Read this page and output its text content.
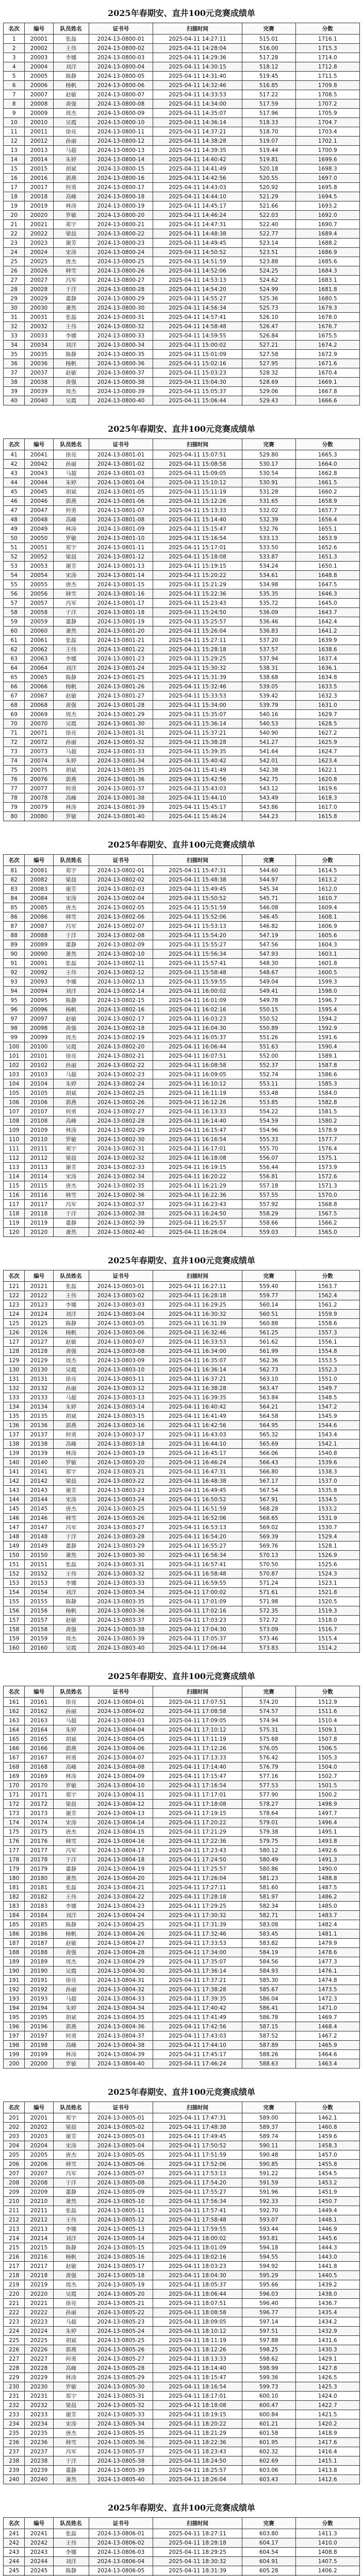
2025年春期安、直井100元竞赛成绩单
名次	编号	队员姓名	证书号	扫描时间	完赛	分数
1	20001	张磊	2024-13-0800-01	2025-04-11 14:27:11	515.01	1716.1
2	20002	王伟	2024-13-0800-02	2025-04-11 14:28:04	516.00	1715.3
3	20003	李娜	2024-13-0800-03	2025-04-11 14:29:36	517.28	1714.0
4	20004	刘洋	2024-13-0800-04	2025-04-11 14:30:15	518.12	1712.8
5	20005	陈静	2024-13-0800-05	2025-04-11 14:31:40	519.45	1711.5
6	20006	杨帆	2024-13-0800-06	2025-04-11 14:32:46	516.85	1709.8
7	20007	赵敏	2024-13-0800-07	2025-04-11 14:33:53	517.22	1708.5
8	20008	黄强	2024-13-0800-08	2025-04-11 14:34:00	517.59	1707.2
9	20009	周杰	2024-13-0800-09	2025-04-11 14:35:07	517.96	1705.9
10	20010	吴霞	2024-13-0800-10	2025-04-11 14:36:14	518.33	1704.7
11	20011	徐亮	2024-13-0800-11	2025-04-11 14:37:21	518.70	1703.4
12	20012	孙丽	2024-13-0800-12	2025-04-11 14:38:28	519.07	1702.1
13	20013	马超	2024-13-0800-13	2025-04-11 14:39:35	519.44	1700.9
14	20014	朱婷	2024-13-0800-14	2025-04-11 14:40:42	519.81	1699.6
15	20015	胡斌	2024-13-0800-15	2025-04-11 14:41:49	520.18	1698.3
16	20016	郭燕	2024-13-0800-16	2025-04-11 14:42:56	520.55	1697.0
17	20017	何勇	2024-13-0800-17	2025-04-11 14:43:03	520.92	1695.8
18	20018	高峰	2024-13-0800-18	2025-04-11 14:44:10	521.29	1694.5
19	20019	林涛	2024-13-0800-19	2025-04-11 14:45:17	521.66	1693.2
20	20020	罗敏	2024-13-0800-20	2025-04-11 14:46:24	522.03	1692.0
21	20021	郑宇	2024-13-0800-21	2025-04-11 14:47:31	522.40	1690.7
22	20022	梁晨	2024-13-0800-22	2025-04-11 14:48:38	522.77	1689.4
23	20023	谢芳	2024-13-0800-23	2025-04-11 14:49:45	523.14	1688.2
24	20024	宋涛	2024-13-0800-24	2025-04-11 14:50:52	523.51	1686.9
25	20025	唐杰	2024-13-0800-25	2025-04-11 14:51:59	523.88	1685.6
26	20026	韩雪	2024-13-0800-26	2025-04-11 14:52:06	524.25	1684.3
27	20027	冯军	2024-13-0800-27	2025-04-11 14:53:13	524.62	1683.1
28	20028	于洋	2024-13-0800-28	2025-04-11 14:54:20	524.99	1681.8
29	20029	董静	2024-13-0800-29	2025-04-11 14:55:27	525.36	1680.5
30	20030	萧然	2024-13-0800-30	2025-04-11 14:56:34	525.73	1679.3
31	20031	张磊	2024-13-0800-31	2025-04-11 14:57:41	526.10	1678.0
32	20032	王伟	2024-13-0800-32	2025-04-11 14:58:48	526.47	1676.7
33	20033	李娜	2024-13-0800-33	2025-04-11 14:59:55	526.84	1675.5
34	20034	刘洋	2024-13-0800-34	2025-04-11 15:00:02	527.21	1674.2
35	20035	陈静	2024-13-0800-35	2025-04-11 15:01:09	527.58	1672.9
36	20036	杨帆	2024-13-0800-36	2025-04-11 15:02:16	527.95	1671.6
37	20037	赵敏	2024-13-0800-37	2025-04-11 15:03:23	528.32	1670.4
38	20038	黄强	2024-13-0800-38	2025-04-11 15:04:30	528.69	1669.1
39	20039	周杰	2024-13-0800-39	2025-04-11 15:05:37	529.06	1667.8
40	20040	吴霞	2024-13-0800-40	2025-04-11 15:06:44	529.43	1666.6
2025年春期安、直井100元竞赛成绩单
名次	编号	队员姓名	证书号	扫描时间	完赛	分数
41	20041	徐亮	2024-13-0801-01	2025-04-11 15:07:51	529.80	1665.3
42	20042	孙丽	2024-13-0801-02	2025-04-11 15:08:58	530.17	1664.0
43	20043	马超	2024-13-0801-03	2025-04-11 15:09:05	530.54	1662.8
44	20044	朱婷	2024-13-0801-04	2025-04-11 15:10:12	530.91	1661.5
45	20045	胡斌	2024-13-0801-05	2025-04-11 15:11:19	531.28	1660.2
46	20046	郭燕	2024-13-0801-06	2025-04-11 15:12:26	531.65	1658.9
47	20047	何勇	2024-13-0801-07	2025-04-11 15:13:33	532.02	1657.7
48	20048	高峰	2024-13-0801-08	2025-04-11 15:14:40	532.39	1656.4
49	20049	林涛	2024-13-0801-09	2025-04-11 15:15:47	532.76	1655.1
50	20050	罗敏	2024-13-0801-10	2025-04-11 15:16:54	533.13	1653.9
51	20051	郑宇	2024-13-0801-11	2025-04-11 15:17:01	533.50	1652.6
52	20052	梁晨	2024-13-0801-12	2025-04-11 15:18:08	533.87	1651.3
53	20053	谢芳	2024-13-0801-13	2025-04-11 15:19:15	534.24	1650.1
54	20054	宋涛	2024-13-0801-14	2025-04-11 15:20:22	534.61	1648.8
55	20055	唐杰	2024-13-0801-15	2025-04-11 15:21:29	534.98	1647.5
56	20056	韩雪	2024-13-0801-16	2025-04-11 15:22:36	535.35	1646.3
57	20057	冯军	2024-13-0801-17	2025-04-11 15:23:43	535.72	1645.0
58	20058	于洋	2024-13-0801-18	2025-04-11 15:24:50	536.09	1643.7
59	20059	董静	2024-13-0801-19	2025-04-11 15:25:57	536.46	1642.4
60	20060	萧然	2024-13-0801-20	2025-04-11 15:26:04	536.83	1641.2
61	20061	张磊	2024-13-0801-21	2025-04-11 15:27:11	537.20	1639.9
62	20062	王伟	2024-13-0801-22	2025-04-11 15:28:18	537.57	1638.6
63	20063	李娜	2024-13-0801-23	2025-04-11 15:29:25	537.94	1637.4
64	20064	刘洋	2024-13-0801-24	2025-04-11 15:30:32	538.31	1636.1
65	20065	陈静	2024-13-0801-25	2025-04-11 15:31:39	538.68	1634.8
66	20066	杨帆	2024-13-0801-26	2025-04-11 15:32:46	539.05	1633.5
67	20067	赵敏	2024-13-0801-27	2025-04-11 15:33:53	539.42	1632.3
68	20068	黄强	2024-13-0801-28	2025-04-11 15:34:00	539.79	1631.0
69	20069	周杰	2024-13-0801-29	2025-04-11 15:35:07	540.16	1629.7
70	20070	吴霞	2024-13-0801-30	2025-04-11 15:36:14	540.53	1628.5
71	20071	徐亮	2024-13-0801-31	2025-04-11 15:37:21	540.90	1627.2
72	20072	孙丽	2024-13-0801-32	2025-04-11 15:38:28	541.27	1625.9
73	20073	马超	2024-13-0801-33	2025-04-11 15:39:35	541.64	1624.7
74	20074	朱婷	2024-13-0801-34	2025-04-11 15:40:42	542.01	1623.4
75	20075	胡斌	2024-13-0801-35	2025-04-11 15:41:49	542.38	1622.1
76	20076	郭燕	2024-13-0801-36	2025-04-11 15:42:56	542.75	1620.8
77	20077	何勇	2024-13-0801-37	2025-04-11 15:43:03	543.12	1619.6
78	20078	高峰	2024-13-0801-38	2025-04-11 15:44:10	543.49	1618.3
79	20079	林涛	2024-13-0801-39	2025-04-11 15:45:17	543.86	1617.0
80	20080	罗敏	2024-13-0801-40	2025-04-11 15:46:24	544.23	1615.8
2025年春期安、直井100元竞赛成绩单
名次	编号	队员姓名	证书号	扫描时间	完赛	分数
81	20081	郑宇	2024-13-0802-01	2025-04-11 15:47:31	544.60	1614.5
82	20082	梁晨	2024-13-0802-02	2025-04-11 15:48:38	544.97	1613.2
83	20083	谢芳	2024-13-0802-03	2025-04-11 15:49:45	545.34	1612.0
84	20084	宋涛	2024-13-0802-04	2025-04-11 15:50:52	545.71	1610.7
85	20085	唐杰	2024-13-0802-05	2025-04-11 15:51:59	546.08	1609.4
86	20086	韩雪	2024-13-0802-06	2025-04-11 15:52:06	546.45	1608.1
87	20087	冯军	2024-13-0802-07	2025-04-11 15:53:13	546.82	1606.9
88	20088	于洋	2024-13-0802-08	2025-04-11 15:54:20	547.19	1605.6
89	20089	董静	2024-13-0802-09	2025-04-11 15:55:27	547.56	1604.3
90	20090	萧然	2024-13-0802-10	2025-04-11 15:56:34	547.93	1603.1
91	20091	张磊	2024-13-0802-11	2025-04-11 15:57:41	548.30	1601.8
92	20092	王伟	2024-13-0802-12	2025-04-11 15:58:48	548.67	1600.5
93	20093	李娜	2024-13-0802-13	2025-04-11 15:59:55	549.04	1599.3
94	20094	刘洋	2024-13-0802-14	2025-04-11 16:00:02	549.41	1598.0
95	20095	陈静	2024-13-0802-15	2025-04-11 16:01:09	549.78	1596.7
96	20096	杨帆	2024-13-0802-16	2025-04-11 16:02:16	550.15	1595.4
97	20097	赵敏	2024-13-0802-17	2025-04-11 16:03:23	550.52	1594.2
98	20098	黄强	2024-13-0802-18	2025-04-11 16:04:30	550.89	1592.9
99	20099	周杰	2024-13-0802-19	2025-04-11 16:05:37	551.26	1591.6
100	20100	吴霞	2024-13-0802-20	2025-04-11 16:06:44	551.63	1590.4
101	20101	徐亮	2024-13-0802-21	2025-04-11 16:07:51	552.00	1589.1
102	20102	孙丽	2024-13-0802-22	2025-04-11 16:08:58	552.37	1587.8
103	20103	马超	2024-13-0802-23	2025-04-11 16:09:05	552.74	1586.6
104	20104	朱婷	2024-13-0802-24	2025-04-11 16:10:12	553.11	1585.3
105	20105	胡斌	2024-13-0802-25	2025-04-11 16:11:19	553.48	1584.0
106	20106	郭燕	2024-13-0802-26	2025-04-11 16:12:26	553.85	1582.8
107	20107	何勇	2024-13-0802-27	2025-04-11 16:13:33	554.22	1581.5
108	20108	高峰	2024-13-0802-28	2025-04-11 16:14:40	554.59	1580.2
109	20109	林涛	2024-13-0802-29	2025-04-11 16:15:47	554.96	1578.9
110	20110	罗敏	2024-13-0802-30	2025-04-11 16:16:54	555.33	1577.7
111	20111	郑宇	2024-13-0802-31	2025-04-11 16:17:01	555.70	1576.4
112	20112	梁晨	2024-13-0802-32	2025-04-11 16:18:08	556.07	1575.1
113	20113	谢芳	2024-13-0802-33	2025-04-11 16:19:15	556.44	1573.9
114	20114	宋涛	2024-13-0802-34	2025-04-11 16:20:22	556.81	1572.6
115	20115	唐杰	2024-13-0802-35	2025-04-11 16:21:29	557.18	1571.3
116	20116	韩雪	2024-13-0802-36	2025-04-11 16:22:36	557.55	1570.0
117	20117	冯军	2024-13-0802-37	2025-04-11 16:23:43	557.92	1568.8
118	20118	于洋	2024-13-0802-38	2025-04-11 16:24:50	558.29	1567.5
119	20119	董静	2024-13-0802-39	2025-04-11 16:25:57	558.66	1566.2
120	20120	萧然	2024-13-0802-40	2025-04-11 16:26:04	559.03	1565.0
2025年春期安、直井100元竞赛成绩单
名次	编号	队员姓名	证书号	扫描时间	完赛	分数
121	20121	张磊	2024-13-0803-01	2025-04-11 16:27:11	559.40	1563.7
122	20122	王伟	2024-13-0803-02	2025-04-11 16:28:18	559.77	1562.4
123	20123	李娜	2024-13-0803-03	2025-04-11 16:29:25	560.14	1561.2
124	20124	刘洋	2024-13-0803-04	2025-04-11 16:30:32	560.51	1559.9
125	20125	陈静	2024-13-0803-05	2025-04-11 16:31:39	560.88	1558.6
126	20126	杨帆	2024-13-0803-06	2025-04-11 16:32:46	561.25	1557.3
127	20127	赵敏	2024-13-0803-07	2025-04-11 16:33:53	561.62	1556.1
128	20128	黄强	2024-13-0803-08	2025-04-11 16:34:00	561.99	1554.8
129	20129	周杰	2024-13-0803-09	2025-04-11 16:35:07	562.36	1553.5
130	20130	吴霞	2024-13-0803-10	2025-04-11 16:36:14	562.73	1552.3
131	20131	徐亮	2024-13-0803-11	2025-04-11 16:37:21	563.10	1551.0
132	20132	孙丽	2024-13-0803-12	2025-04-11 16:38:28	563.47	1549.7
133	20133	马超	2024-13-0803-13	2025-04-11 16:39:35	563.84	1548.5
134	20134	朱婷	2024-13-0803-14	2025-04-11 16:40:42	564.21	1547.2
135	20135	胡斌	2024-13-0803-15	2025-04-11 16:41:49	564.58	1545.9
136	20136	郭燕	2024-13-0803-16	2025-04-11 16:42:56	564.95	1544.6
137	20137	何勇	2024-13-0803-17	2025-04-11 16:43:03	565.32	1543.4
138	20138	高峰	2024-13-0803-18	2025-04-11 16:44:10	565.69	1542.1
139	20139	林涛	2024-13-0803-19	2025-04-11 16:45:17	566.06	1540.8
140	20140	罗敏	2024-13-0803-20	2025-04-11 16:46:24	566.43	1539.6
141	20141	郑宇	2024-13-0803-21	2025-04-11 16:47:31	566.80	1538.3
142	20142	梁晨	2024-13-0803-22	2025-04-11 16:48:38	567.17	1537.0
143	20143	谢芳	2024-13-0803-23	2025-04-11 16:49:45	567.54	1535.8
144	20144	宋涛	2024-13-0803-24	2025-04-11 16:50:52	567.91	1534.5
145	20145	唐杰	2024-13-0803-25	2025-04-11 16:51:59	568.28	1533.2
146	20146	韩雪	2024-13-0803-26	2025-04-11 16:52:06	568.65	1531.9
147	20147	冯军	2024-13-0803-27	2025-04-11 16:53:13	569.02	1530.7
148	20148	于洋	2024-13-0803-28	2025-04-11 16:54:20	569.39	1529.4
149	20149	董静	2024-13-0803-29	2025-04-11 16:55:27	569.76	1528.1
150	20150	萧然	2024-13-0803-30	2025-04-11 16:56:34	570.13	1526.9
151	20151	张磊	2024-13-0803-31	2025-04-11 16:57:41	570.50	1525.6
152	20152	王伟	2024-13-0803-32	2025-04-11 16:58:48	570.87	1524.3
153	20153	李娜	2024-13-0803-33	2025-04-11 16:59:55	571.24	1523.1
154	20154	刘洋	2024-13-0803-34	2025-04-11 17:00:02	571.61	1521.8
155	20155	陈静	2024-13-0803-35	2025-04-11 17:01:09	571.98	1520.5
156	20156	杨帆	2024-13-0803-36	2025-04-11 17:02:16	572.35	1519.3
157	20157	赵敏	2024-13-0803-37	2025-04-11 17:03:23	572.72	1518.0
158	20158	黄强	2024-13-0803-38	2025-04-11 17:04:30	573.09	1516.7
159	20159	周杰	2024-13-0803-39	2025-04-11 17:05:37	573.46	1515.4
160	20160	吴霞	2024-13-0803-40	2025-04-11 17:06:44	573.83	1514.2
2025年春期安、直井100元竞赛成绩单
名次	编号	队员姓名	证书号	扫描时间	完赛	分数
161	20161	徐亮	2024-13-0804-01	2025-04-11 17:07:51	574.20	1512.9
162	20162	孙丽	2024-13-0804-02	2025-04-11 17:08:58	574.57	1511.6
163	20163	马超	2024-13-0804-03	2025-04-11 17:09:05	574.94	1510.4
164	20164	朱婷	2024-13-0804-04	2025-04-11 17:10:12	575.31	1509.1
165	20165	胡斌	2024-13-0804-05	2025-04-11 17:11:19	575.68	1507.8
166	20166	郭燕	2024-13-0804-06	2025-04-11 17:12:26	576.05	1506.5
167	20167	何勇	2024-13-0804-07	2025-04-11 17:13:33	576.42	1505.3
168	20168	高峰	2024-13-0804-08	2025-04-11 17:14:40	576.79	1504.0
169	20169	林涛	2024-13-0804-09	2025-04-11 17:15:47	577.16	1502.7
170	20170	罗敏	2024-13-0804-10	2025-04-11 17:16:54	577.53	1501.5
171	20171	郑宇	2024-13-0804-11	2025-04-11 17:17:01	577.90	1500.2
172	20172	梁晨	2024-13-0804-12	2025-04-11 17:18:08	578.27	1498.9
173	20173	谢芳	2024-13-0804-13	2025-04-11 17:19:15	578.64	1497.7
174	20174	宋涛	2024-13-0804-14	2025-04-11 17:20:22	579.01	1496.4
175	20175	唐杰	2024-13-0804-15	2025-04-11 17:21:29	579.38	1495.1
176	20176	韩雪	2024-13-0804-16	2025-04-11 17:22:36	579.75	1493.8
177	20177	冯军	2024-13-0804-17	2025-04-11 17:23:43	580.12	1492.6
178	20178	于洋	2024-13-0804-18	2025-04-11 17:24:50	580.49	1491.3
179	20179	董静	2024-13-0804-19	2025-04-11 17:25:57	580.86	1490.0
180	20180	萧然	2024-13-0804-20	2025-04-11 17:26:04	581.23	1488.8
181	20181	张磊	2024-13-0804-21	2025-04-11 17:27:11	581.60	1487.5
182	20182	王伟	2024-13-0804-22	2025-04-11 17:28:18	581.97	1486.2
183	20183	李娜	2024-13-0804-23	2025-04-11 17:29:25	582.34	1485.0
184	20184	刘洋	2024-13-0804-24	2025-04-11 17:30:32	582.71	1483.7
185	20185	陈静	2024-13-0804-25	2025-04-11 17:31:39	583.08	1482.4
186	20186	杨帆	2024-13-0804-26	2025-04-11 17:32:46	583.45	1481.1
187	20187	赵敏	2024-13-0804-27	2025-04-11 17:33:53	583.82	1479.9
188	20188	黄强	2024-13-0804-28	2025-04-11 17:34:00	584.19	1478.6
189	20189	周杰	2024-13-0804-29	2025-04-11 17:35:07	584.56	1477.3
190	20190	吴霞	2024-13-0804-30	2025-04-11 17:36:14	584.93	1476.1
191	20191	徐亮	2024-13-0804-31	2025-04-11 17:37:21	585.30	1474.8
192	20192	孙丽	2024-13-0804-32	2025-04-11 17:38:28	585.67	1473.5
193	20193	马超	2024-13-0804-33	2025-04-11 17:39:35	586.04	1472.3
194	20194	朱婷	2024-13-0804-34	2025-04-11 17:40:42	586.41	1471.0
195	20195	胡斌	2024-13-0804-35	2025-04-11 17:41:49	586.78	1469.7
196	20196	郭燕	2024-13-0804-36	2025-04-11 17:42:56	587.15	1468.4
197	20197	何勇	2024-13-0804-37	2025-04-11 17:43:03	587.52	1467.2
198	20198	高峰	2024-13-0804-38	2025-04-11 17:44:10	587.89	1465.9
199	20199	林涛	2024-13-0804-39	2025-04-11 17:45:17	588.26	1464.6
200	20200	罗敏	2024-13-0804-40	2025-04-11 17:46:24	588.63	1463.4
2025年春期安、直井100元竞赛成绩单
名次	编号	队员姓名	证书号	扫描时间	完赛	分数
201	20201	郑宇	2024-13-0805-01	2025-04-11 17:47:31	589.00	1462.1
202	20202	梁晨	2024-13-0805-02	2025-04-11 17:48:38	589.37	1460.8
203	20203	谢芳	2024-13-0805-03	2025-04-11 17:49:45	589.74	1459.6
204	20204	宋涛	2024-13-0805-04	2025-04-11 17:50:52	590.11	1458.3
205	20205	唐杰	2024-13-0805-05	2025-04-11 17:51:59	590.48	1457.0
206	20206	韩雪	2024-13-0805-06	2025-04-11 17:52:06	590.85	1455.8
207	20207	冯军	2024-13-0805-07	2025-04-11 17:53:13	591.22	1454.5
208	20208	于洋	2024-13-0805-08	2025-04-11 17:54:20	591.59	1453.2
209	20209	董静	2024-13-0805-09	2025-04-11 17:55:27	591.96	1451.9
210	20210	萧然	2024-13-0805-10	2025-04-11 17:56:34	592.33	1450.7
211	20211	张磊	2024-13-0805-11	2025-04-11 17:57:41	592.70	1449.4
212	20212	王伟	2024-13-0805-12	2025-04-11 17:58:48	593.07	1448.1
213	20213	李娜	2024-13-0805-13	2025-04-11 17:59:55	593.44	1446.9
214	20214	刘洋	2024-13-0805-14	2025-04-11 18:00:02	593.81	1445.6
215	20215	陈静	2024-13-0805-15	2025-04-11 18:01:09	594.18	1444.3
216	20216	杨帆	2024-13-0805-16	2025-04-11 18:02:16	594.55	1443.0
217	20217	赵敏	2024-13-0805-17	2025-04-11 18:03:23	594.92	1441.8
218	20218	黄强	2024-13-0805-18	2025-04-11 18:04:30	595.29	1440.5
219	20219	周杰	2024-13-0805-19	2025-04-11 18:05:37	595.66	1439.2
220	20220	吴霞	2024-13-0805-20	2025-04-11 18:06:44	596.03	1438.0
221	20221	徐亮	2024-13-0805-21	2025-04-11 18:07:51	596.40	1436.7
222	20222	孙丽	2024-13-0805-22	2025-04-11 18:08:58	596.77	1435.4
223	20223	马超	2024-13-0805-23	2025-04-11 18:09:05	597.14	1434.2
224	20224	朱婷	2024-13-0805-24	2025-04-11 18:10:12	597.51	1432.9
225	20225	胡斌	2024-13-0805-25	2025-04-11 18:11:19	597.88	1431.6
226	20226	郭燕	2024-13-0805-26	2025-04-11 18:12:26	598.25	1430.3
227	20227	何勇	2024-13-0805-27	2025-04-11 18:13:33	598.62	1429.1
228	20228	高峰	2024-13-0805-28	2025-04-11 18:14:40	598.99	1427.8
229	20229	林涛	2024-13-0805-29	2025-04-11 18:15:47	599.36	1426.5
230	20230	罗敏	2024-13-0805-30	2025-04-11 18:16:54	599.73	1425.3
231	20231	郑宇	2024-13-0805-31	2025-04-11 18:17:01	600.10	1424.0
232	20232	梁晨	2024-13-0805-32	2025-04-11 18:18:08	600.47	1422.7
233	20233	谢芳	2024-13-0805-33	2025-04-11 18:19:15	600.84	1421.5
234	20234	宋涛	2024-13-0805-34	2025-04-11 18:20:22	601.21	1420.2
235	20235	唐杰	2024-13-0805-35	2025-04-11 18:21:29	601.58	1418.9
236	20236	韩雪	2024-13-0805-36	2025-04-11 18:22:36	601.95	1417.6
237	20237	冯军	2024-13-0805-37	2025-04-11 18:23:43	602.32	1416.4
238	20238	于洋	2024-13-0805-38	2025-04-11 18:24:50	602.69	1415.1
239	20239	董静	2024-13-0805-39	2025-04-11 18:25:57	603.06	1413.8
240	20240	萧然	2024-13-0805-40	2025-04-11 18:26:04	603.43	1412.6
2025年春期安、直井100元竞赛成绩单
名次	编号	队员姓名	证书号	扫描时间	完赛	分数
241	20241	张磊	2024-13-0806-01	2025-04-11 18:27:11	603.80	1411.3
242	20242	王伟	2024-13-0806-02	2025-04-11 18:28:18	604.17	1410.0
243	20243	李娜	2024-13-0806-03	2025-04-11 18:29:25	604.54	1408.8
244	20244	刘洋	2024-13-0806-04	2025-04-11 18:30:32	604.91	1407.5
245	20245	陈静	2024-13-0806-05	2025-04-11 18:31:39	605.28	1406.2
